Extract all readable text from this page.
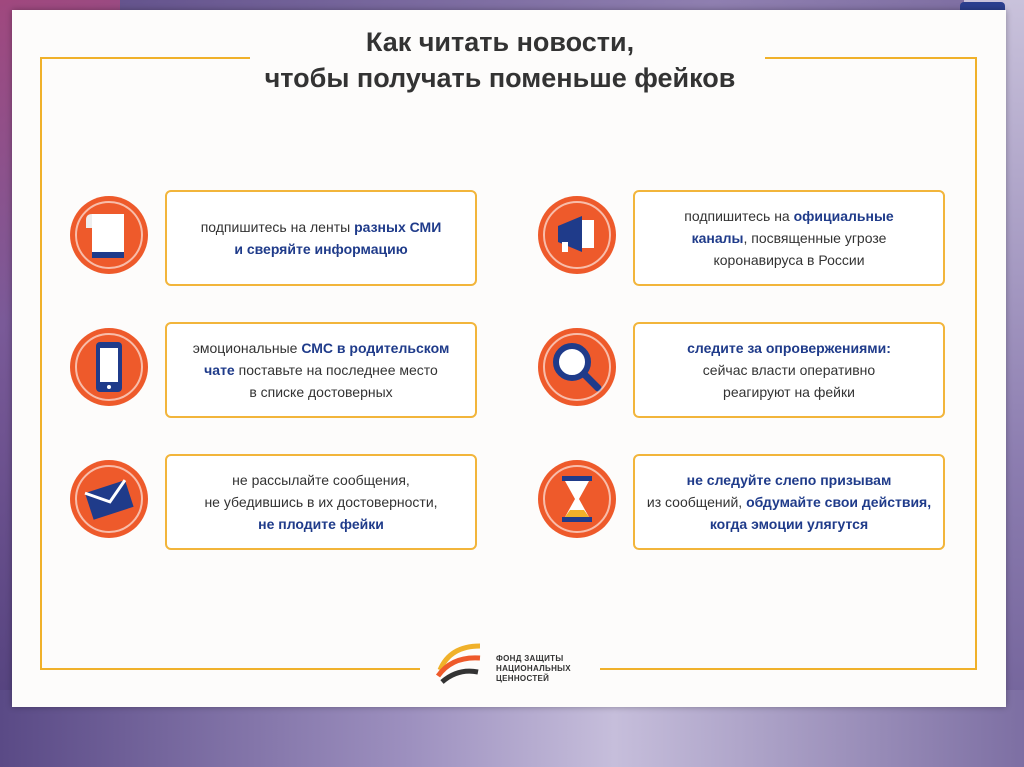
Как читать новости,
чтобы получать поменьше фейков
подпишитесь на ленты разных СМИ
и сверяйте информацию
подпишитесь на официальные
каналы, посвященные угрозе
коронавируса в России
эмоциональные СМС в родительском
чате поставьте на последнее место
в списке достоверных
следите за опровержениями:
сейчас власти оперативно
реагируют на фейки
не рассылайте сообщения,
не убедившись в их достоверности,
не плодите фейки
не следуйте слепо призывам
из сообщений, обдумайте свои действия,
когда эмоции улягутся
ФОНД ЗАЩИТЫ
НАЦИОНАЛЬНЫХ
ЦЕННОСТЕЙ
